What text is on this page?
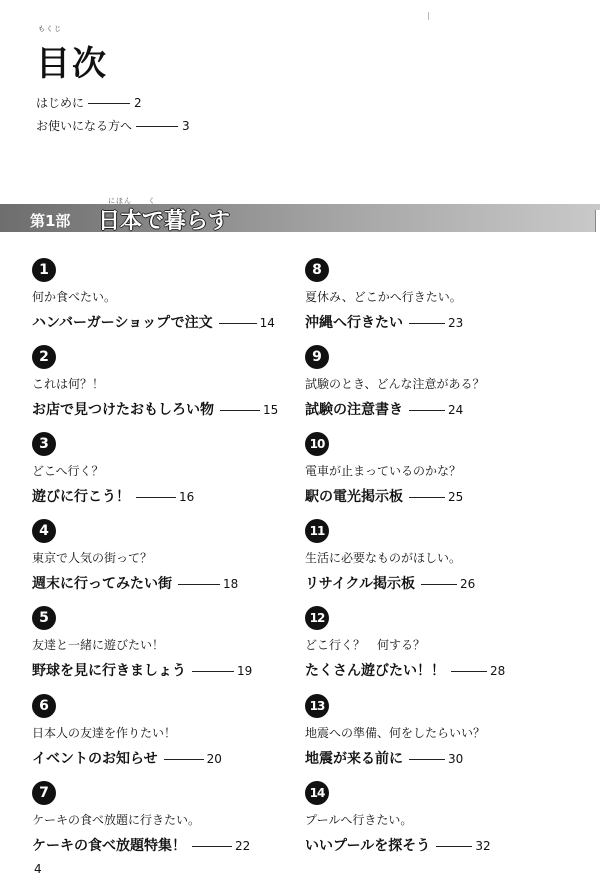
もくじ
目次
はじめに	2
お使いになる方へ	3
にほん　　く
第1部 日本で暮らす
1
何か食べたい。
ハンバーガーショップで注文	14
2
これは何？！
お店で見つけたおもしろい物	15
3
どこへ行く？
遊びに行こう！	16
4
東京で人気の街って？
週末に行ってみたい街	18
5
友達と一緒に遊びたい！
野球を見に行きましょう	19
6
日本人の友達を作りたい！
イベントのお知らせ	20
7
ケーキの食べ放題に行きたい。
ケーキの食べ放題特集！	22
8
夏休み、どこかへ行きたい。
沖縄へ行きたい	23
9
試験のとき、どんな注意がある？
試験の注意書き	24
10
電車が止まっているのかな？
駅の電光掲示板	25
11
生活に必要なものがほしい。
リサイクル掲示板	26
12
どこ行く？　何する？
たくさん遊びたい！！	28
13
地震への準備、何をしたらいい？
地震が来る前に	30
14
プールへ行きたい。
いいプールを探そう	32
4
